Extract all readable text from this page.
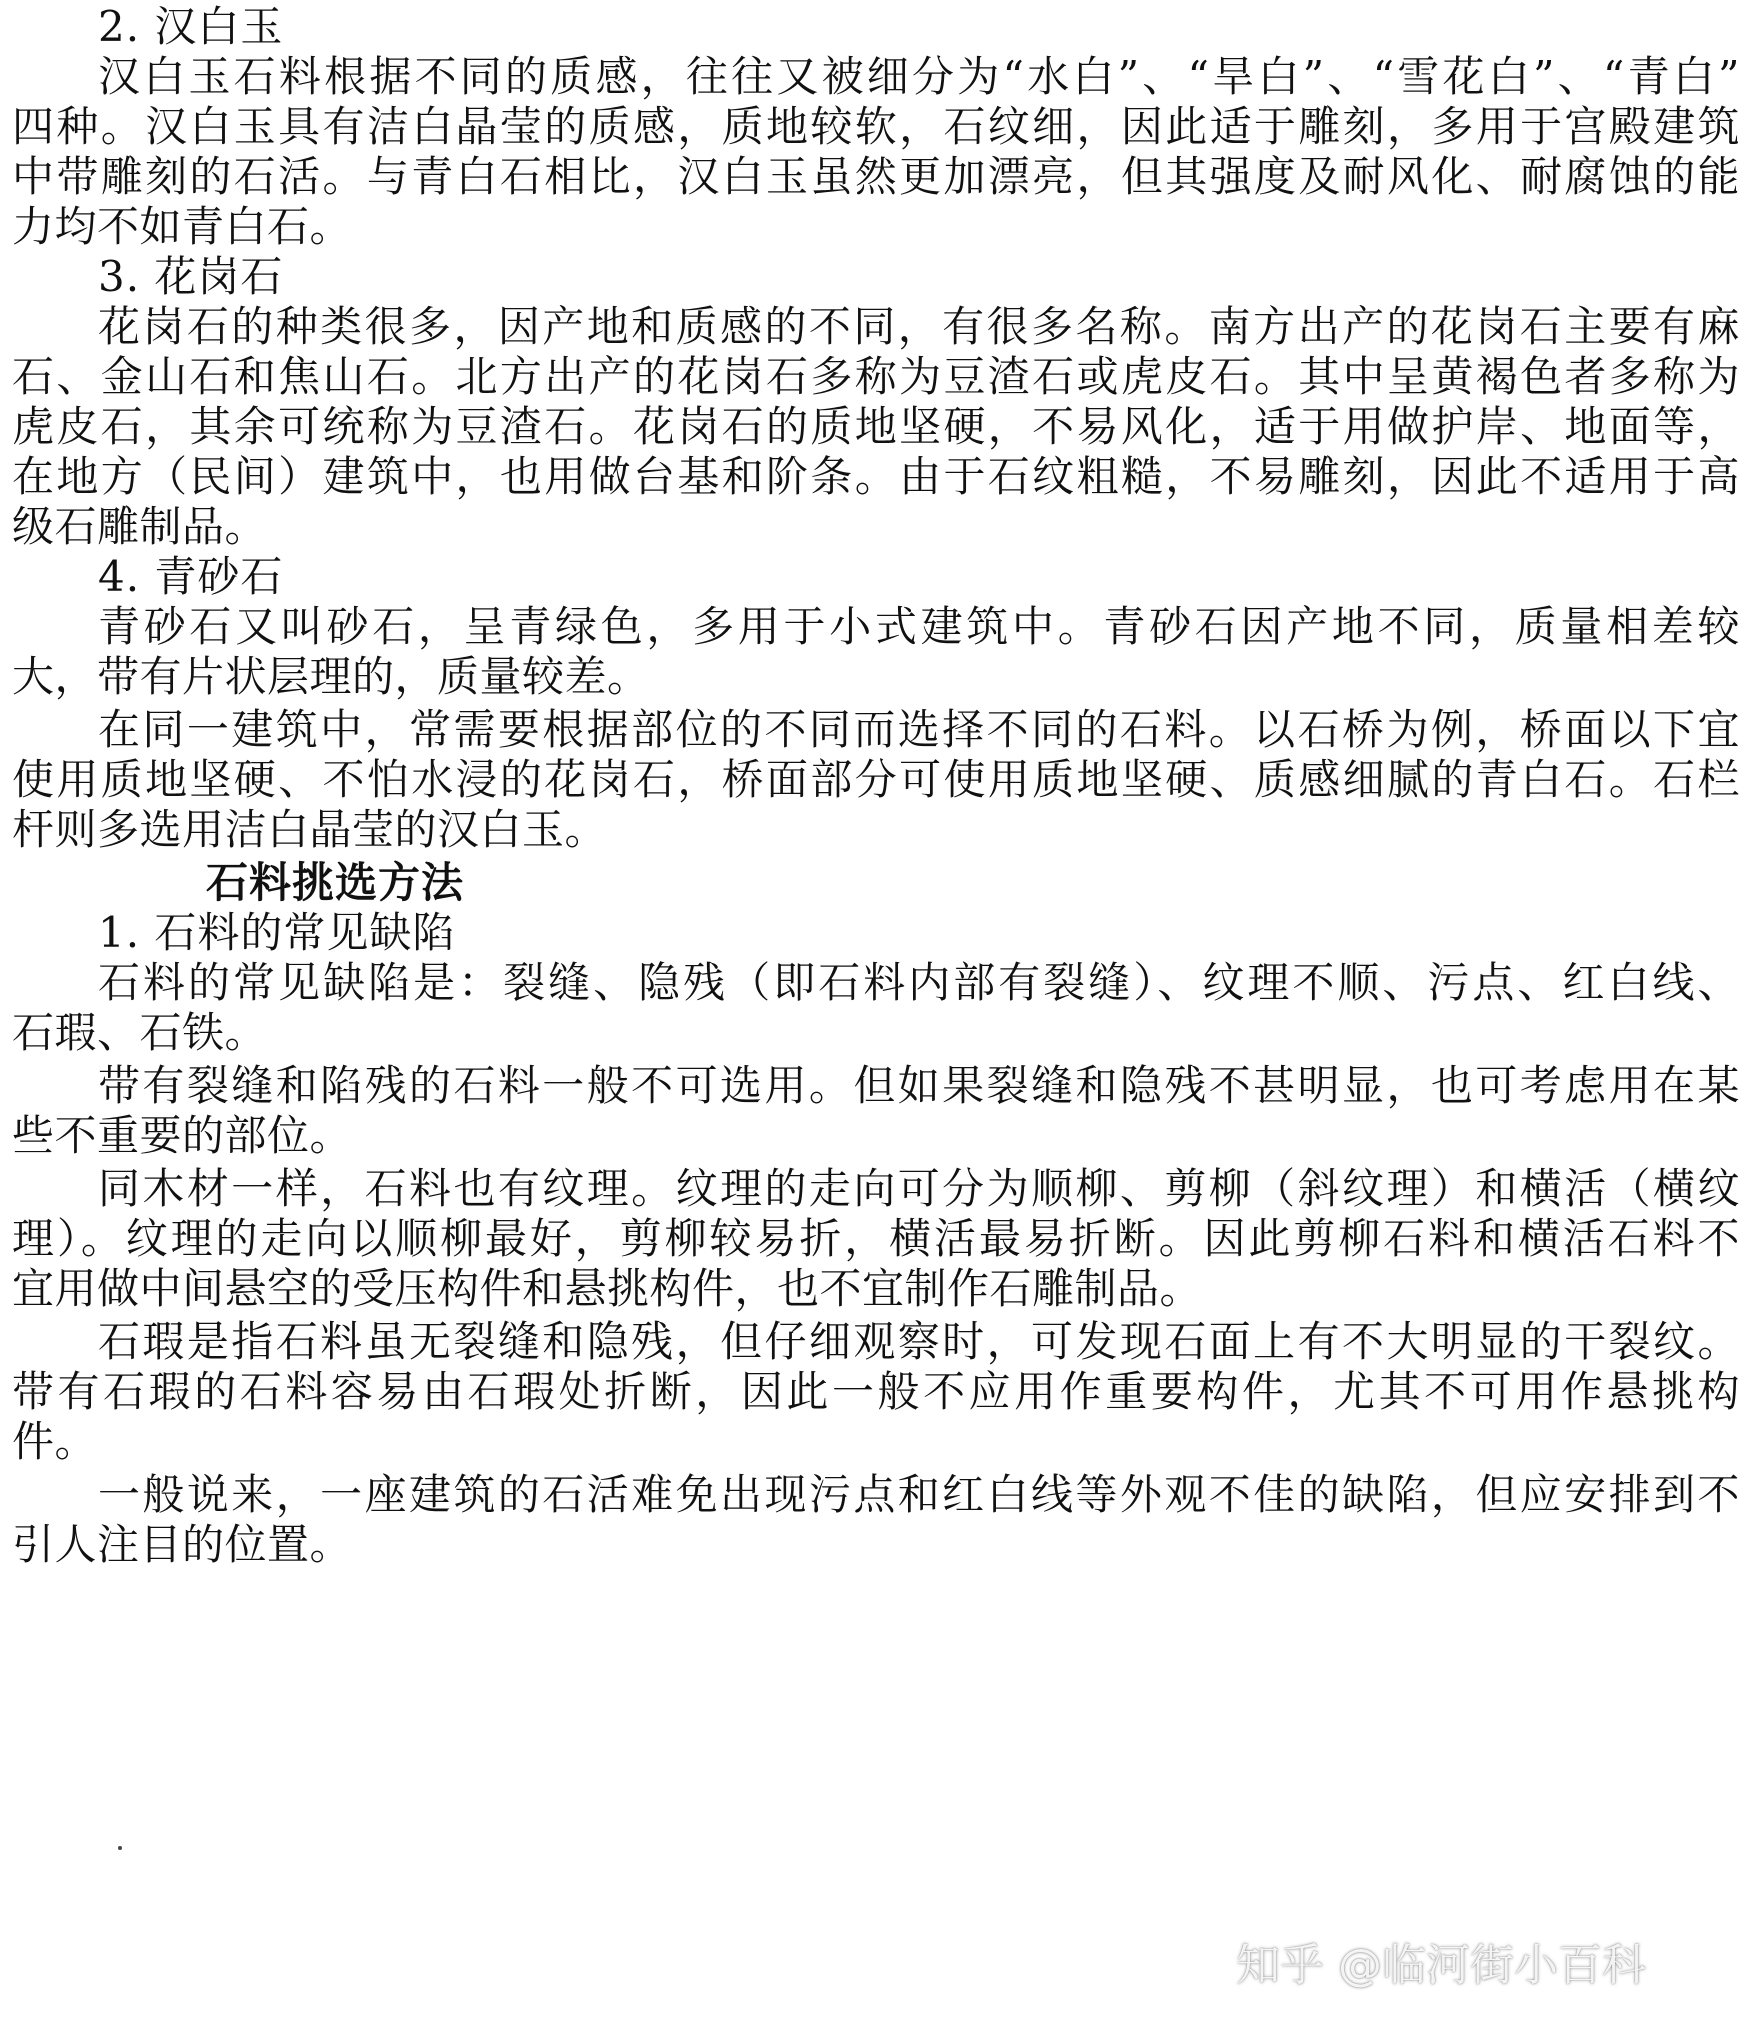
2. 汉白玉
汉白玉石料根据不同的质感，往往又被细分为“水白”、“旱白”、“雪花白”、“青白”
四种。汉白玉具有洁白晶莹的质感，质地较软，石纹细，因此适于雕刻，多用于宫殿建筑
中带雕刻的石活。与青白石相比，汉白玉虽然更加漂亮，但其强度及耐风化、耐腐蚀的能
力均不如青白石。
3. 花岗石
花岗石的种类很多，因产地和质感的不同，有很多名称。南方出产的花岗石主要有麻
石、金山石和焦山石。北方出产的花岗石多称为豆渣石或虎皮石。其中呈黄褐色者多称为
虎皮石，其余可统称为豆渣石。花岗石的质地坚硬，不易风化，适于用做护岸、地面等，
在地方（民间）建筑中，也用做台基和阶条。由于石纹粗糙，不易雕刻，因此不适用于高
级石雕制品。
4. 青砂石
青砂石又叫砂石，呈青绿色，多用于小式建筑中。青砂石因产地不同，质量相差较
大，带有片状层理的，质量较差。
在同一建筑中，常需要根据部位的不同而选择不同的石料。以石桥为例，桥面以下宜
使用质地坚硬、不怕水浸的花岗石，桥面部分可使用质地坚硬、质感细腻的青白石。石栏
杆则多选用洁白晶莹的汉白玉。
石料挑选方法
1. 石料的常见缺陷
石料的常见缺陷是：裂缝、隐残（即石料内部有裂缝）、纹理不顺、污点、红白线、
石瑕、石铁。
带有裂缝和陷残的石料一般不可选用。但如果裂缝和隐残不甚明显，也可考虑用在某
些不重要的部位。
同木材一样，石料也有纹理。纹理的走向可分为顺柳、剪柳（斜纹理）和横活（横纹
理）。纹理的走向以顺柳最好，剪柳较易折，横活最易折断。因此剪柳石料和横活石料不
宜用做中间悬空的受压构件和悬挑构件，也不宜制作石雕制品。
石瑕是指石料虽无裂缝和隐残，但仔细观察时，可发现石面上有不大明显的干裂纹。
带有石瑕的石料容易由石瑕处折断，因此一般不应用作重要构件，尤其不可用作悬挑构
件。
一般说来，一座建筑的石活难免出现污点和红白线等外观不佳的缺陷，但应安排到不
引人注目的位置。
知乎 @临河街小百科
